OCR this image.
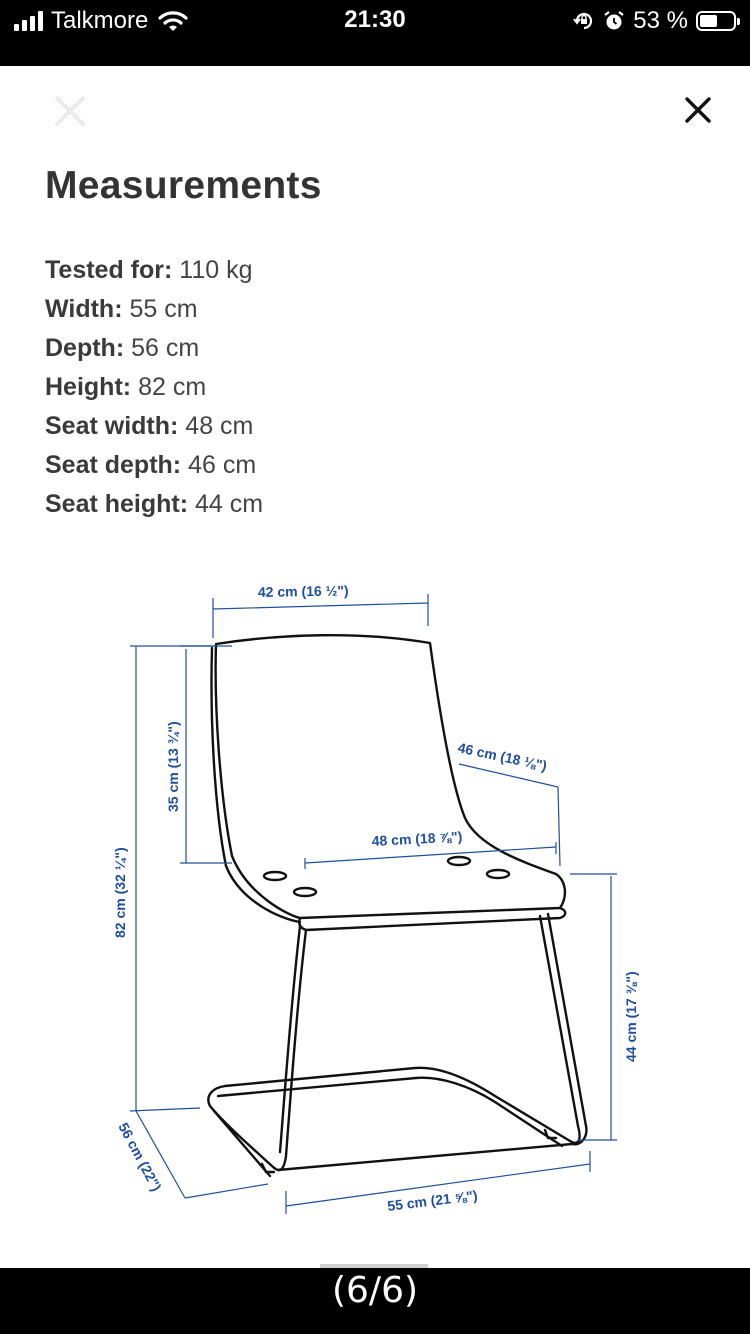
Talkmore	21:30	53 %
Measurements
Tested for: 110 kg
Width: 55 cm
Depth: 56 cm
Height: 82 cm
Seat width: 48 cm
Seat depth: 46 cm
Seat height: 44 cm
42 cm (16 ½")
35 cm (13 ¾")
82 cm (32 ¼")
46 cm (18 ⅛")
48 cm (18 ⅞")
44 cm (17 ⅜")
56 cm (22")
55 cm (21 ⅝")
(6/6)
